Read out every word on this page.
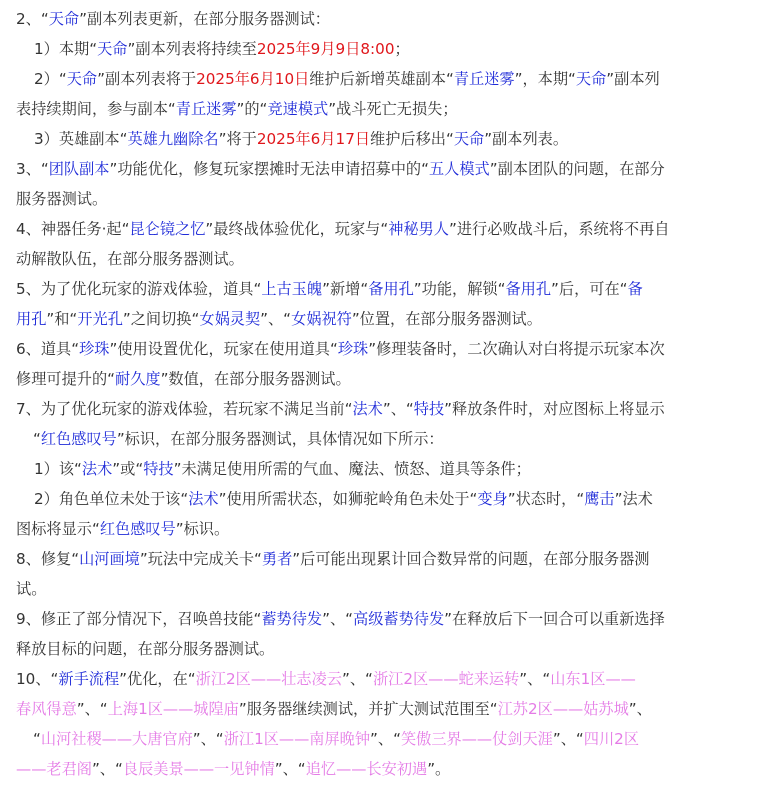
2、“天命”副本列表更新，在部分服务器测试：
1）本期“天命”副本列表将持续至2025年9月9日8:00；
2）“天命”副本列表将于2025年6月10日维护后新增英雄副本“青丘迷雾”，本期“天命”副本列
表持续期间，参与副本“青丘迷雾”的“竞速模式”战斗死亡无损失；
3）英雄副本“英雄九幽除名”将于2025年6月17日维护后移出“天命”副本列表。
3、“团队副本”功能优化，修复玩家摆摊时无法申请招募中的“五人模式”副本团队的问题，在部分
服务器测试。
4、神器任务·起“昆仑镜之忆”最终战体验优化，玩家与“神秘男人”进行必败战斗后，系统将不再自
动解散队伍，在部分服务器测试。
5、为了优化玩家的游戏体验，道具“上古玉魄”新增“备用孔”功能，解锁“备用孔”后，可在“备
用孔”和“开光孔”之间切换“女娲灵契”、“女娲祝符”位置，在部分服务器测试。
6、道具“珍珠”使用设置优化，玩家在使用道具“珍珠”修理装备时，二次确认对白将提示玩家本次
修理可提升的“耐久度”数值，在部分服务器测试。
7、为了优化玩家的游戏体验，若玩家不满足当前“法术”、“特技”释放条件时，对应图标上将显示
“红色感叹号”标识，在部分服务器测试，具体情况如下所示：
1）该“法术”或“特技”未满足使用所需的气血、魔法、愤怒、道具等条件；
2）角色单位未处于该“法术”使用所需状态，如狮驼岭角色未处于“变身”状态时，“鹰击”法术
图标将显示“红色感叹号”标识。
8、修复“山河画境”玩法中完成关卡“勇者”后可能出现累计回合数异常的问题，在部分服务器测
试。
9、修正了部分情况下，召唤兽技能“蓄势待发”、“高级蓄势待发”在释放后下一回合可以重新选择
释放目标的问题，在部分服务器测试。
10、“新手流程”优化，在“浙江2区——壮志凌云”、“浙江2区——蛇来运转”、“山东1区——
春风得意”、“上海1区——城隍庙”服务器继续测试，并扩大测试范围至“江苏2区——姑苏城”、
“山河社稷——大唐官府”、“浙江1区——南屏晚钟”、“笑傲三界——仗剑天涯”、“四川2区
——老君阁”、“良辰美景——一见钟情”、“追忆——长安初遇”。
